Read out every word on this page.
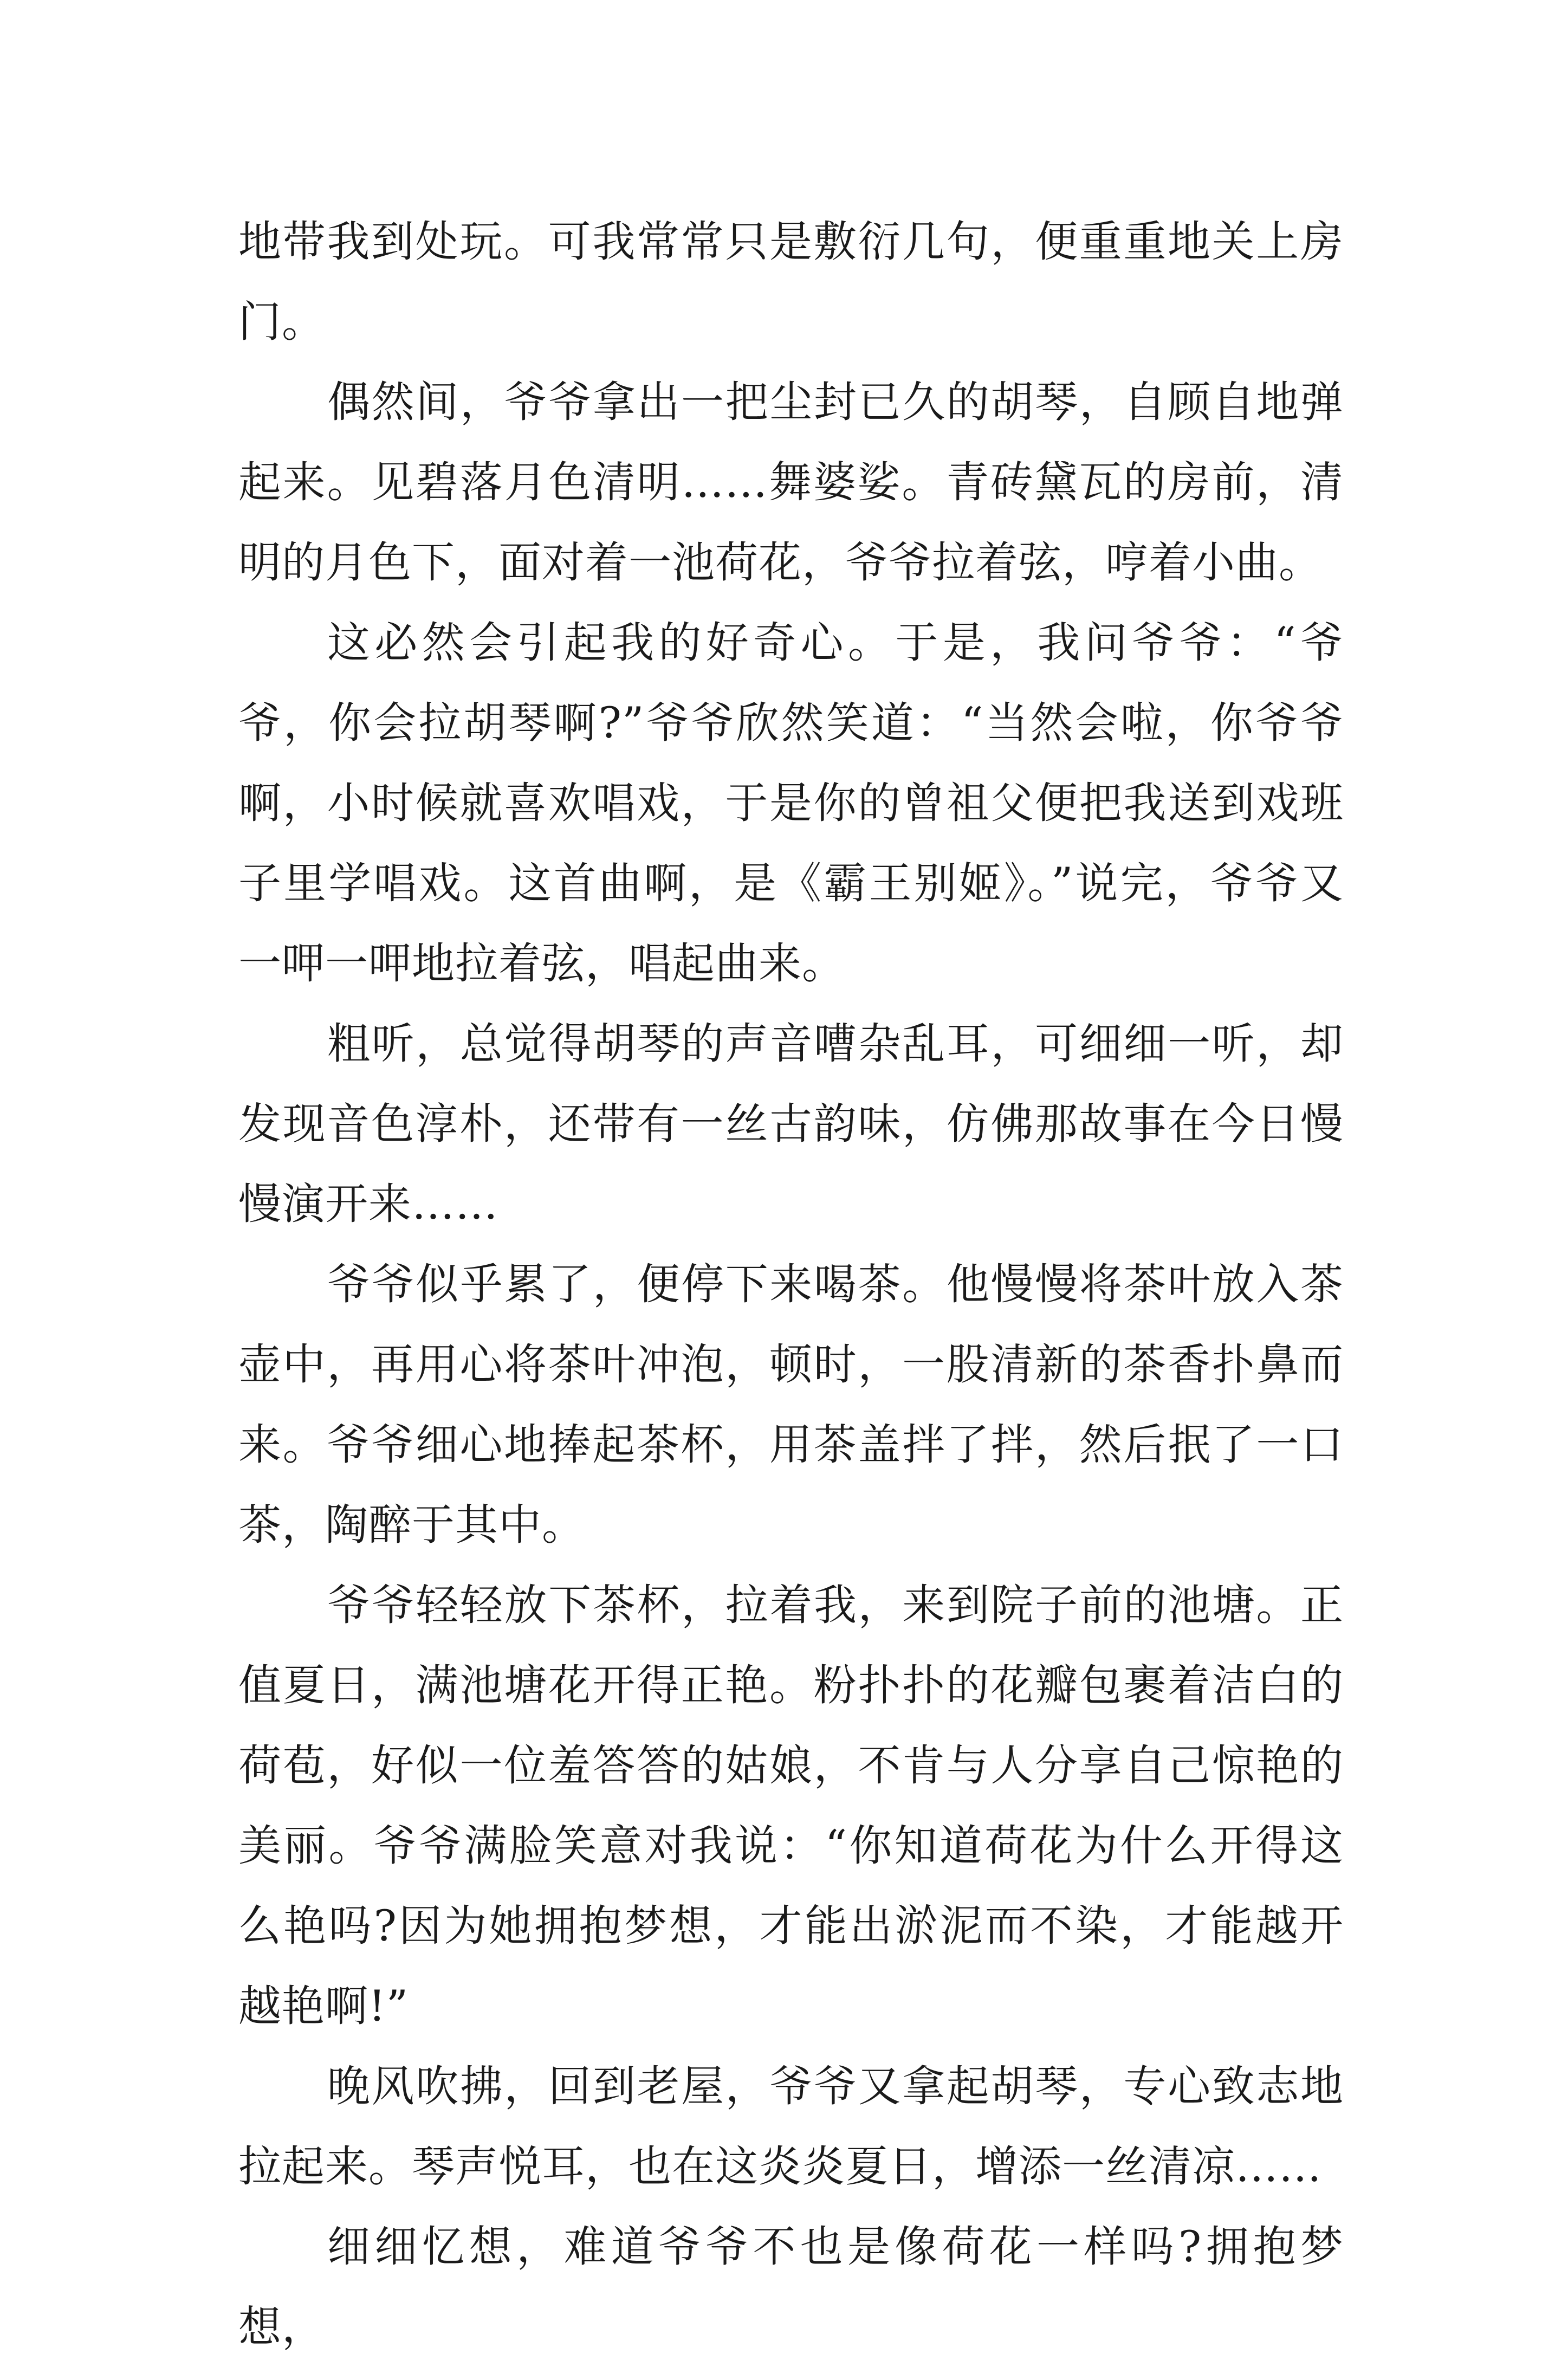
地带我到处玩。可我常常只是敷衍几句，便重重地关上房门。

偶然间，爷爷拿出一把尘封已久的胡琴，自顾自地弹起来。见碧落月色清明……舞婆娑。青砖黛瓦的房前，清明的月色下，面对着一池荷花，爷爷拉着弦，哼着小曲。

这必然会引起我的好奇心。于是，我问爷爷：“爷爷，你会拉胡琴啊?”爷爷欣然笑道：“当然会啦，你爷爷啊，小时候就喜欢唱戏，于是你的曾祖父便把我送到戏班子里学唱戏。这首曲啊，是《霸王别姬》。”说完，爷爷又一呷一呷地拉着弦，唱起曲来。

粗听，总觉得胡琴的声音嘈杂乱耳，可细细一听，却发现音色淳朴，还带有一丝古韵味，仿佛那故事在今日慢慢演开来……

爷爷似乎累了，便停下来喝茶。他慢慢将茶叶放入茶壶中，再用心将茶叶冲泡，顿时，一股清新的茶香扑鼻而来。爷爷细心地捧起茶杯，用茶盖拌了拌，然后抿了一口茶，陶醉于其中。

爷爷轻轻放下茶杯，拉着我，来到院子前的池塘。正值夏日，满池塘花开得正艳。粉扑扑的花瓣包裹着洁白的荷苞，好似一位羞答答的姑娘，不肯与人分享自己惊艳的美丽。爷爷满脸笑意对我说：“你知道荷花为什么开得这么艳吗?因为她拥抱梦想，才能出淤泥而不染，才能越开越艳啊!”

晚风吹拂，回到老屋，爷爷又拿起胡琴，专心致志地拉起来。琴声悦耳，也在这炎炎夏日，增添一丝清凉……

细细忆想，难道爷爷不也是像荷花一样吗?拥抱梦想，
